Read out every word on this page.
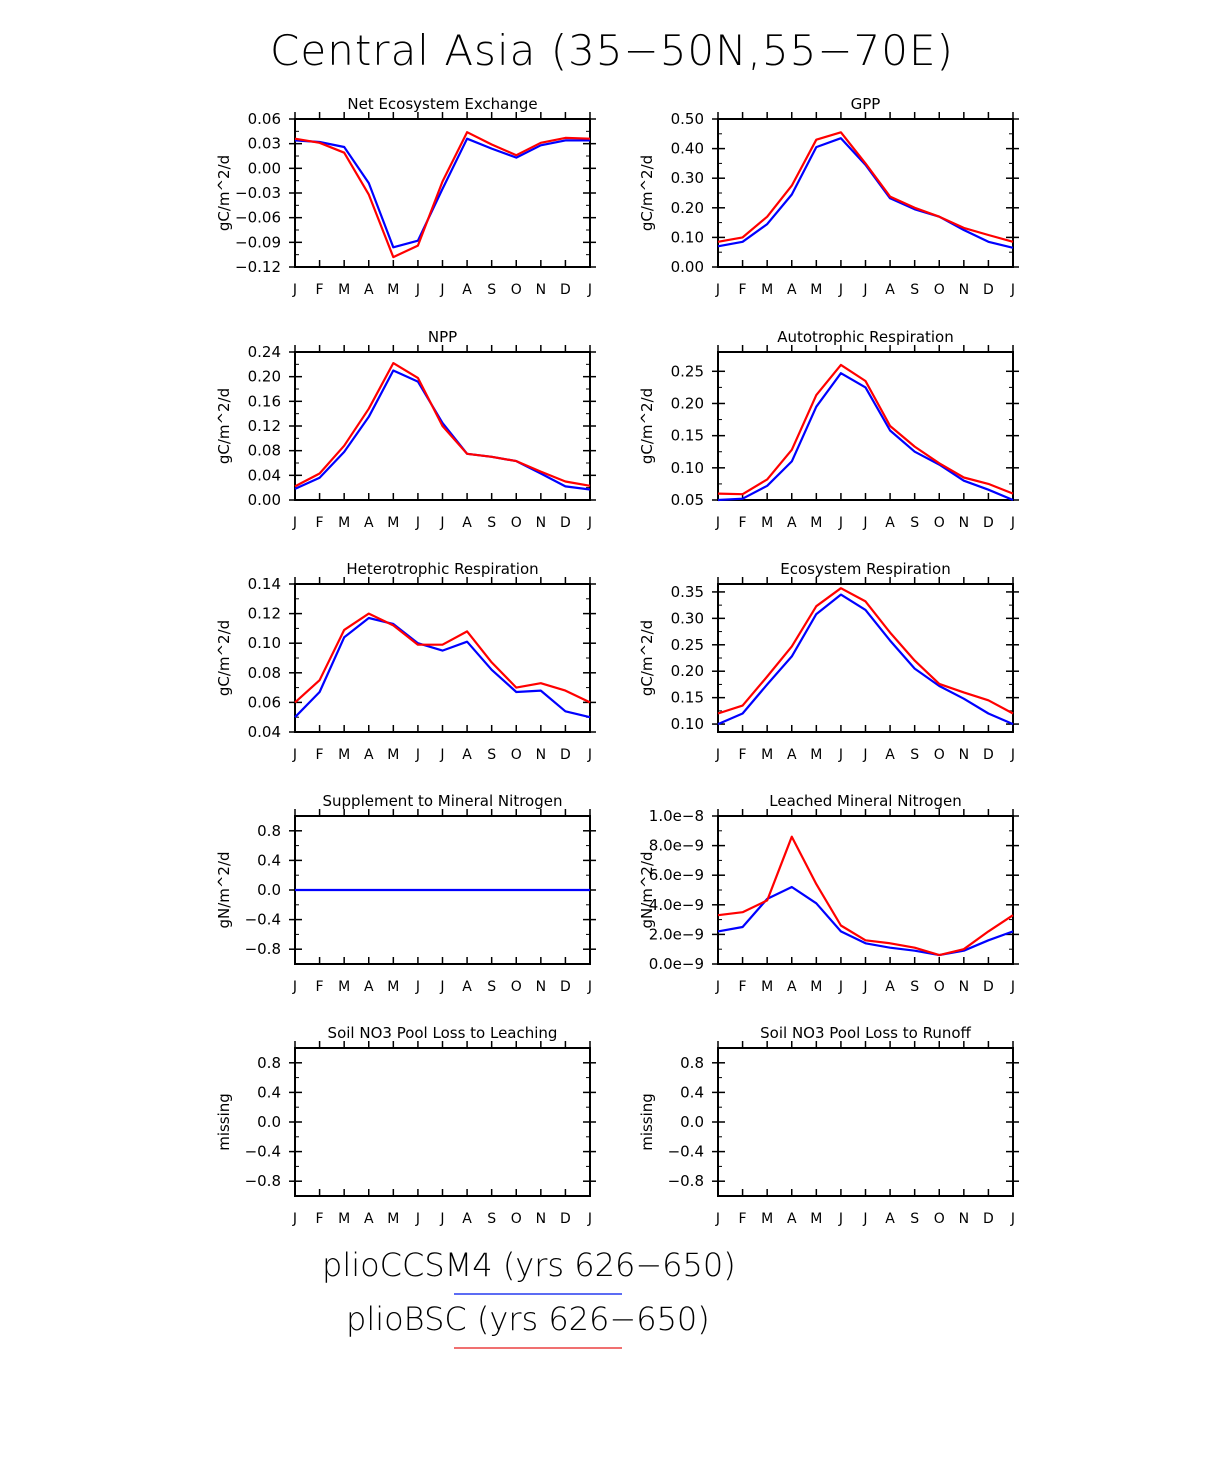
Central Asia (35−50N,55−70E)
Net Ecosystem Exchange
gC/m^2/d
J F M A M J J A S O N D J
0.06
0.03
0.00
−0.03
−0.06
−0.09
−0.12
GPP
gC/m^2/d
J F M A M J J A S O N D J
0.50
0.40
0.30
0.20
0.10
0.00
NPP
gC/m^2/d
J F M A M J J A S O N D J
0.24
0.20
0.16
0.12
0.08
0.04
0.00
Autotrophic Respiration
gC/m^2/d
J F M A M J J A S O N D J
0.25
0.20
0.15
0.10
0.05
Heterotrophic Respiration
gC/m^2/d
J F M A M J J A S O N D J
0.14
0.12
0.10
0.08
0.06
0.04
Ecosystem Respiration
gC/m^2/d
J F M A M J J A S O N D J
0.35
0.30
0.25
0.20
0.15
0.10
Supplement to Mineral Nitrogen
gN/m^2/d
J F M A M J J A S O N D J
0.8
0.4
0.0
−0.4
−0.8
Leached Mineral Nitrogen
gN/m^2/d
J F M A M J J A S O N D J
1.0e−8
8.0e−9
6.0e−9
4.0e−9
2.0e−9
0.0e−9
Soil NO3 Pool Loss to Leaching
missing
J F M A M J J A S O N D J
0.8
0.4
0.0
−0.4
−0.8
Soil NO3 Pool Loss to Runoff
missing
J F M A M J J A S O N D J
0.8
0.4
0.0
−0.4
−0.8
plioCCSM4 (yrs 626−650)
plioBSC (yrs 626−650)
